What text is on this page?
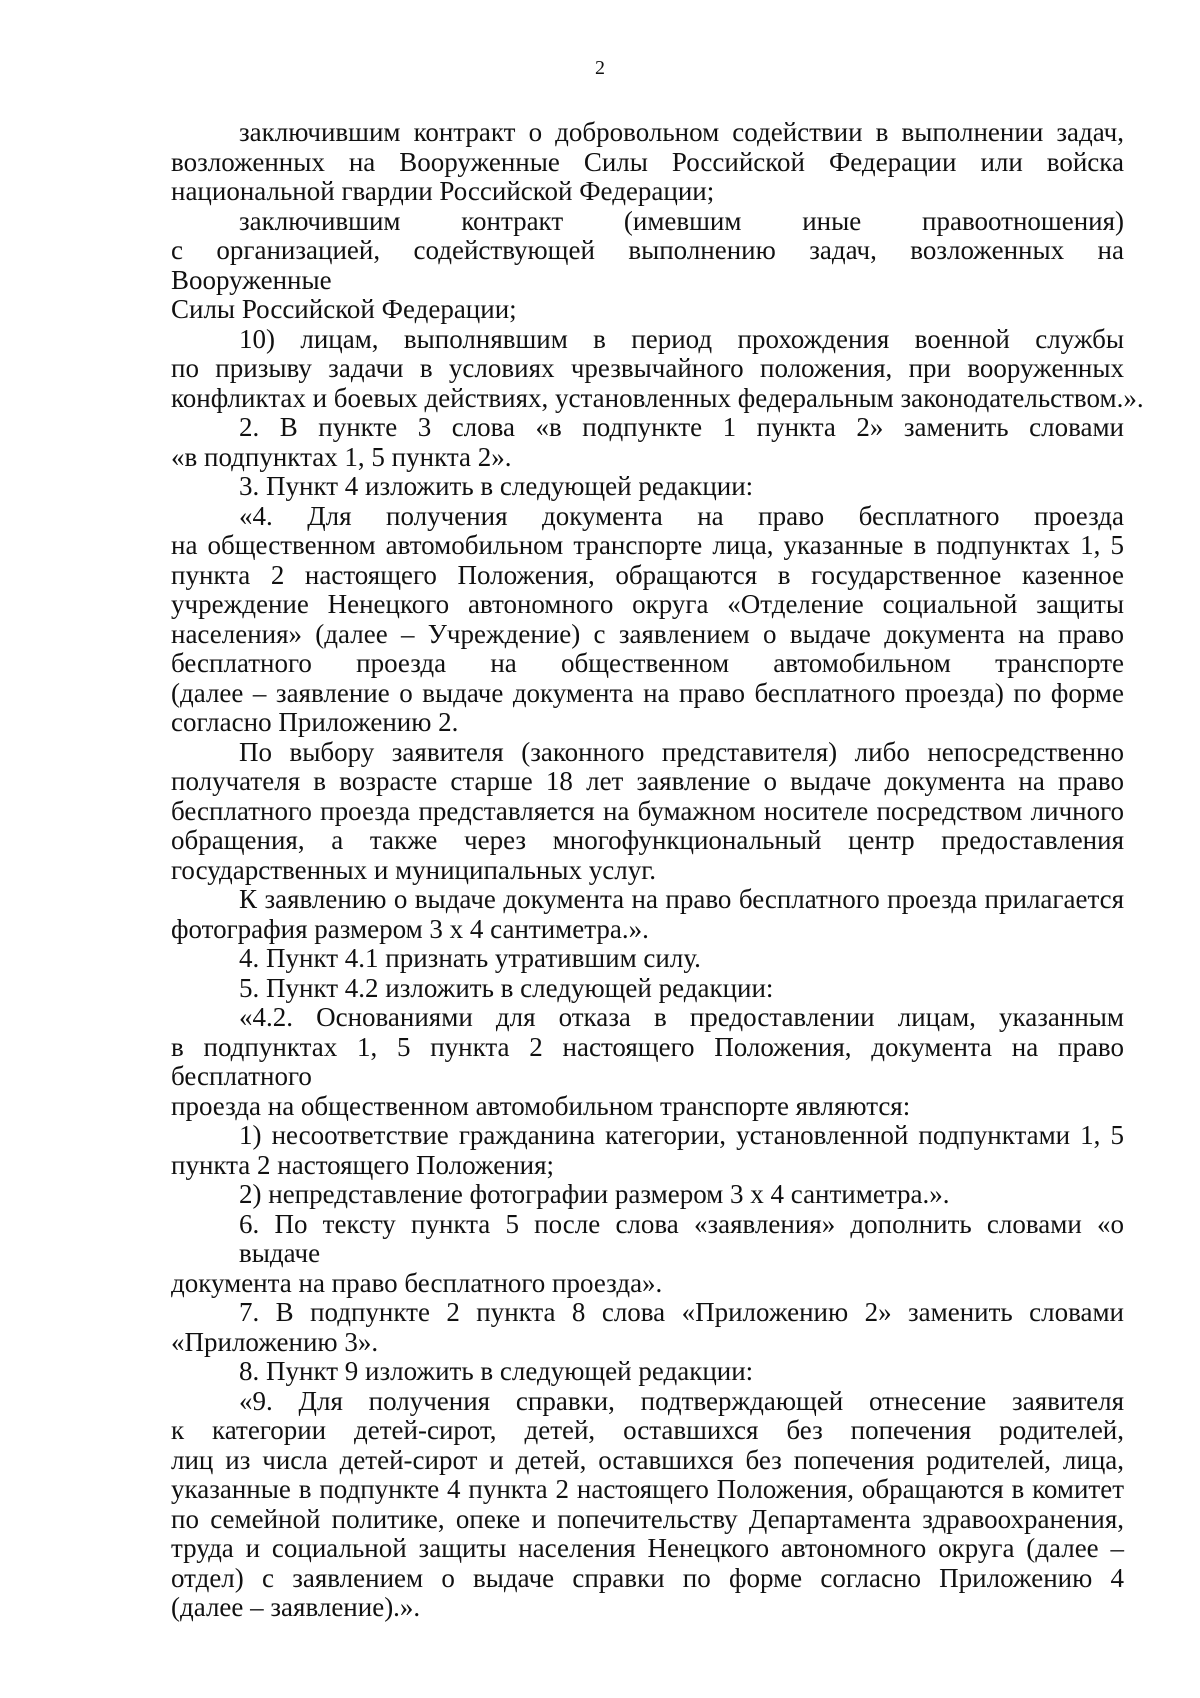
2
заключившим контракт о добровольном содействии в выполнении задач,
возложенных на Вооруженные Силы Российской Федерации или войска
национальной гвардии Российской Федерации;
заключившим контракт (имевшим иные правоотношения)
с организацией, содействующей выполнению задач, возложенных на Вооруженные
Силы Российской Федерации;
10) лицам, выполнявшим в период прохождения военной службы
по призыву задачи в условиях чрезвычайного положения, при вооруженных
конфликтах и боевых действиях, установленных федеральным законодательством.».
2. В пункте 3 слова «в подпункте 1 пункта 2» заменить словами
«в подпунктах 1, 5 пункта 2».
3. Пункт 4 изложить в следующей редакции:
«4. Для получения документа на право бесплатного проезда
на общественном автомобильном транспорте лица, указанные в подпунктах 1, 5
пункта 2 настоящего Положения, обращаются в государственное казенное
учреждение Ненецкого автономного округа «Отделение социальной защиты
населения» (далее – Учреждение) с заявлением о выдаче документа на право
бесплатного проезда на общественном автомобильном транспорте
(далее – заявление о выдаче документа на право бесплатного проезда) по форме
согласно Приложению 2.
По выбору заявителя (законного представителя) либо непосредственно
получателя в возрасте старше 18 лет заявление о выдаче документа на право
бесплатного проезда представляется на бумажном носителе посредством личного
обращения, а также через многофункциональный центр предоставления
государственных и муниципальных услуг.
К заявлению о выдаче документа на право бесплатного проезда прилагается
фотография размером 3 х 4 сантиметра.».
4. Пункт 4.1 признать утратившим силу.
5. Пункт 4.2 изложить в следующей редакции:
«4.2. Основаниями для отказа в предоставлении лицам, указанным
в подпунктах 1, 5 пункта 2 настоящего Положения, документа на право бесплатного
проезда на общественном автомобильном транспорте являются:
1) несоответствие гражданина категории, установленной подпунктами 1, 5
пункта 2 настоящего Положения;
2) непредставление фотографии размером 3 х 4 сантиметра.».
6. По тексту пункта 5 после слова «заявления» дополнить словами «о выдаче
документа на право бесплатного проезда».
7. В подпункте 2 пункта 8 слова «Приложению 2» заменить словами
«Приложению 3».
8. Пункт 9 изложить в следующей редакции:
«9. Для получения справки, подтверждающей отнесение заявителя
к категории детей-сирот, детей, оставшихся без попечения родителей,
лиц из числа детей-сирот и детей, оставшихся без попечения родителей, лица,
указанные в подпункте 4 пункта 2 настоящего Положения, обращаются в комитет
по семейной политике, опеке и попечительству Департамента здравоохранения,
труда и социальной защиты населения Ненецкого автономного округа (далее –
отдел) с заявлением о выдаче справки по форме согласно Приложению 4
(далее – заявление).».
